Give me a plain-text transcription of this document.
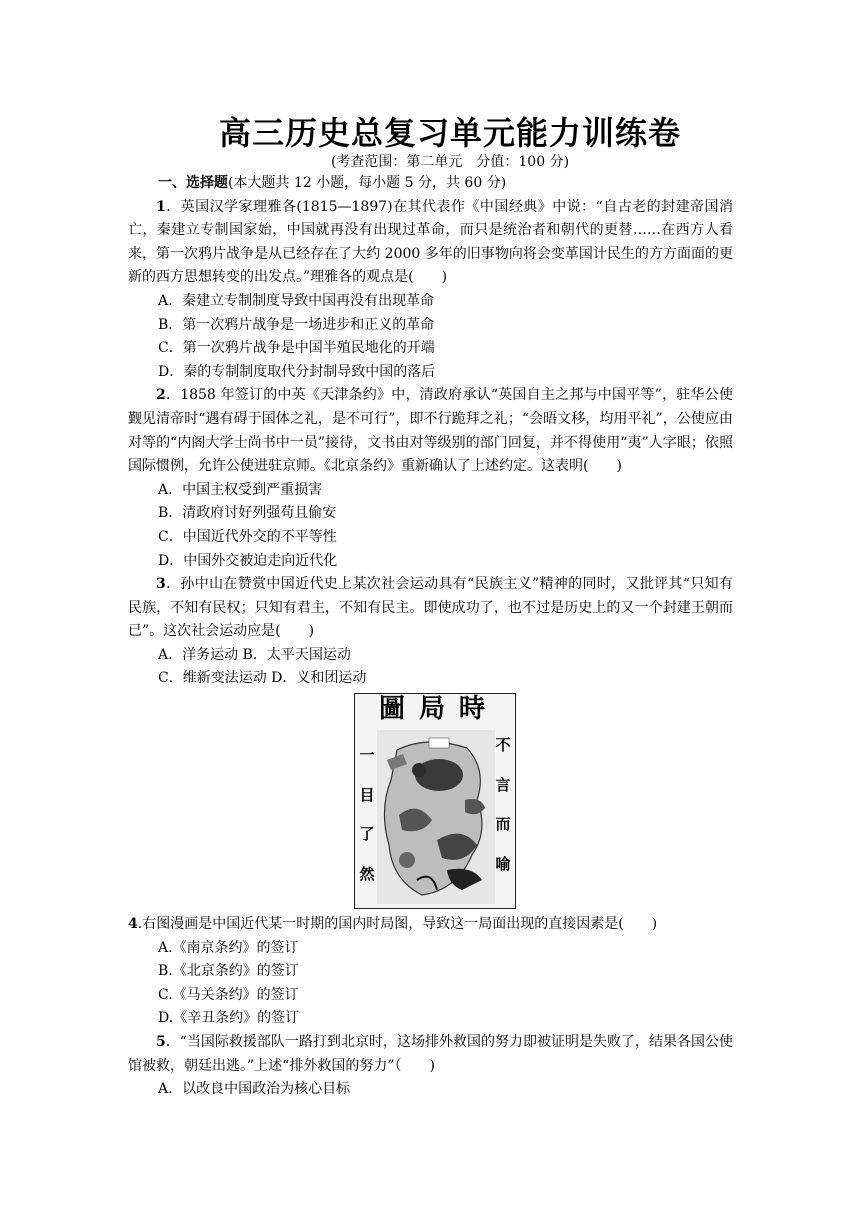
高三历史总复习单元能力训练卷
(考查范围：第二单元　分值：100 分)

一、选择题(本大题共 12 小题，每小题 5 分，共 60 分)

1．英国汉学家理雅各(1815—1897)在其代表作《中国经典》中说：“自古老的封建帝国消亡，秦建立专制国家始，中国就再没有出现过革命，而只是统治者和朝代的更替……在西方人看来，第一次鸦片战争是从已经存在了大约 2000 多年的旧事物向将会变革国计民生的方方面面的更新的西方思想转变的出发点。”理雅各的观点是(　　)

A．秦建立专制制度导致中国再没有出现革命

B．第一次鸦片战争是一场进步和正义的革命

C．第一次鸦片战争是中国半殖民地化的开端

D．秦的专制制度取代分封制导致中国的落后

2．1858 年签订的中英《天津条约》中，清政府承认“英国自主之邦与中国平等”，驻华公使觐见清帝时“遇有碍于国体之礼，是不可行”，即不行跪拜之礼；“会晤文移，均用平礼”，公使应由对等的“内阁大学士尚书中一员”接待，文书由对等级别的部门回复，并不得使用“夷”人字眼；依照国际惯例，允许公使进驻京师。《北京条约》重新确认了上述约定。这表明(　　)

A．中国主权受到严重损害

B．清政府讨好列强苟且偷安

C．中国近代外交的不平等性

D．中国外交被迫走向近代化

3．孙中山在赞赏中国近代史上某次社会运动具有“民族主义”精神的同时，又批评其“只知有民族，不知有民权；只知有君主，不知有民主。即使成功了，也不过是历史上的又一个封建王朝而已”。这次社会运动应是(　　)

A．洋务运动 B．太平天国运动

C．维新变法运动 D．义和团运动

圖 局 時
一
目
了
然
不
言
而
喻

4.右图漫画是中国近代某一时期的国内时局图，导致这一局面出现的直接因素是(　　)

A.《南京条约》的签订

B.《北京条约》的签订

C.《马关条约》的签订

D.《辛丑条约》的签订

5．“当国际救援部队一路打到北京时，这场排外救国的努力即被证明是失败了，结果各国公使馆被救，朝廷出逃。”上述“排外救国的努力”（　　)

A．以改良中国政治为核心目标
